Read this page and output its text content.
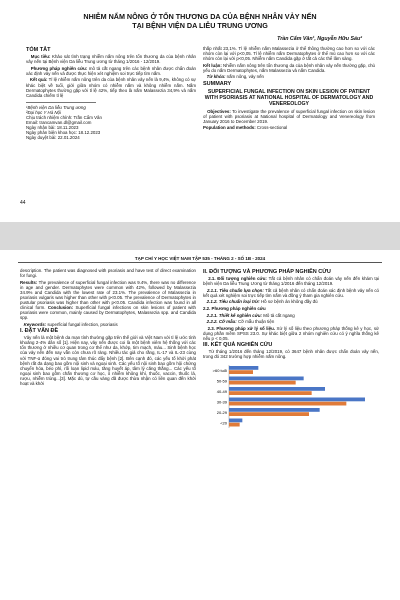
NHIỄM NẤM NÔNG Ở TỔN THƯƠNG DA CỦA BỆNH NHÂN VẢY NẾN
TẠI BỆNH VIỆN DA LIỄU TRUNG ƯƠNG
Trần Cẩm Vân¹, Nguyễn Hữu Sáu²
TÓM TẮT

Mục tiêu: Khảo sát tình trạng nhiễm nấm nông trên tổn thương da của bệnh nhân vảy nến tại Bệnh viện Da liễu Trung ương từ tháng 1/2016 - 12/2019.

Phương pháp nghiên cứu: mô tả cắt ngang trên các bệnh nhân được chẩn đoán xác định vảy nến và được thực hiện xét nghiệm soi trực tiếp tìm nấm.

Kết quả: Tỉ lệ nhiễm nấm nông trên da của bệnh nhân vảy nến là 9,4%, không có sự khác biệt về tuổi, giới giữa nhóm có nhiễm nấm và không nhiễm nấm. Nấm Dermatophytes thường gặp với tỉ lệ 42%, tiếp theo là nấm Malassezia 34,9% và nấm Candida chiếm tỉ lệ

¹Bệnh viện Da liễu Trung ương
²Đại học Y Hà Nội
Chịu trách nhiệm chính: Trần Cẩm Vân
Email: trancamvan.dl@gmail.com
Ngày nhận bài: 18.11.2023
Ngày phản biện khoa học: 18.12.2023
Ngày duyệt bài: 22.01.2024

thấp nhất 23,1%. Tỉ lệ nhiễm nấm Malassezia ở thể thông thường cao hơn so với các nhóm còn lại với p<0,05. Tỉ lệ nhiễm nấm Dermatophytes ở thể mủ cao hơn so với các nhóm còn lại với p<0,05. Nhiễm nấm Candida gặp ở tất cả các thể lâm sàng.

Kết luận: Nhiễm nấm nông trên tổn thương da của bệnh nhân vảy nến thường gặp, chủ yếu do nấm Dermatophytes, nấm Malassezia và nấm Candida.

Từ khóa: nấm nông, vảy nến

SUMMARY
SUPERFICIAL FUNGAL INFECTION ON SKIN LESION OF PATIENT WITH PSORIASIS AT NATIONAL HOSPITAL OF DERMATOLOGY AND VENEREOLOGY

Objectives: To investigate the prevalence of superficial fungal infection on skin lesion of patient with psoriasis at National hospital of Dermatology and Venereology from January 2016 to December 2019.

Population and methods: Cross-sectional

44
TẠP CHÍ Y HỌC VIỆT NAM TẬP 535 - THÁNG 2 - SỐ 1B - 2024

description. The patient was diagnosed with psoriasis and have test of direct examination for fungi.

Results: The prevalence of superficial fungal infection was 9.4%, there was no difference in age and gender. Dermatophytes were common with 42%, followed by Malassezia 34.9% and Candida with the lowest rate of 23.1%. The prevalence of Malassezia in psoriasis vulgaris was higher than other with p<0.05. The prevalence of Dermatophytes in pustular psoriasis was higher than other with p<0.05. Candida infection was found in all clinical form. Conclusion: Superficial fungal infections on skin lesions of patient with psoriasis were common, mainly caused by Dermatophytes, Malassezia spp. and Candida spp.

Keywords: superficial fungal infection, psoriasis

I. ĐẶT VẤN ĐỀ

Vảy nến là một bệnh da mạn tính thường gặp trên thế giới và Việt Nam với tỉ lệ ước tính khoảng 2-4% dân số [1]. Hiện nay, vảy nến được coi là một bệnh viêm hệ thống với các tổn thương ở nhiều cơ quan trong cơ thể như da, khớp, tim mạch, máu... Sinh bệnh học của vảy nến đến nay vẫn còn chưa rõ ràng. Nhiều tác giả cho rằng, IL-17 và IL-23 cùng với TNF-α đóng vai trò trung tâm thúc đẩy bệnh [2]. Bên cạnh đó, các yếu tố khởi phát bệnh rất đa dạng bao gồm nội sinh và ngoại sinh. Các yếu tố nội sinh bao gồm hội chứng chuyển hóa, béo phì, rối loạn lipid máu, tăng huyết áp, tâm lý căng thẳng... Các yếu tố ngoại sinh bao gồm chấn thương cơ học, ô nhiễm không khí, thuốc, vaccin, thuốc lá, rượu, nhiễm trùng...[3]. Mặc dù, tự cầu vàng đã được thừa nhận có liên quan đến khởi hoạt và khởi

II. ĐỐI TƯỢNG VÀ PHƯƠNG PHÁP NGHIÊN CỨU

2.1. Đối tượng nghiên cứu: Tất cả bệnh nhân có chẩn đoán vảy nến đến khám tại bệnh viện Da liễu Trung Ương từ tháng 1/2016 đến tháng 12/2019.

2.1.1. Tiêu chuẩn lựa chọn: Tất cả bệnh nhân có chẩn đoán xác định bệnh vảy nến có kết quả xét nghiệm soi trực tiếp tìm nấm và đồng ý tham gia nghiên cứu.

2.1.2. Tiêu chuẩn loại trừ: Hồ sơ bệnh án không đầy đủ

2.2. Phương pháp nghiên cứu

2.2.1. Thiết kế nghiên cứu: Mô tả cắt ngang

2.2.2. Cỡ mẫu: Cỡ mẫu thuận tiện

2.3. Phương pháp xử lý số liệu. Xử lý số liệu theo phương pháp thống kê y học, sử dụng phần mềm SPSS 23.0. Sự khác biệt giữa 2 nhóm nghiên cứu có ý nghĩa thống kê nếu p < 0,05.

III. KẾT QUẢ NGHIÊN CỨU

Từ tháng 1/2016 đến tháng 12/2019, có 3647 bệnh nhân được chẩn đoán vảy nến, trong đó 342 trường hợp nhiễm nấm nông.

>60 tuổi
50-59
40-49
30-39
20-29
<20
